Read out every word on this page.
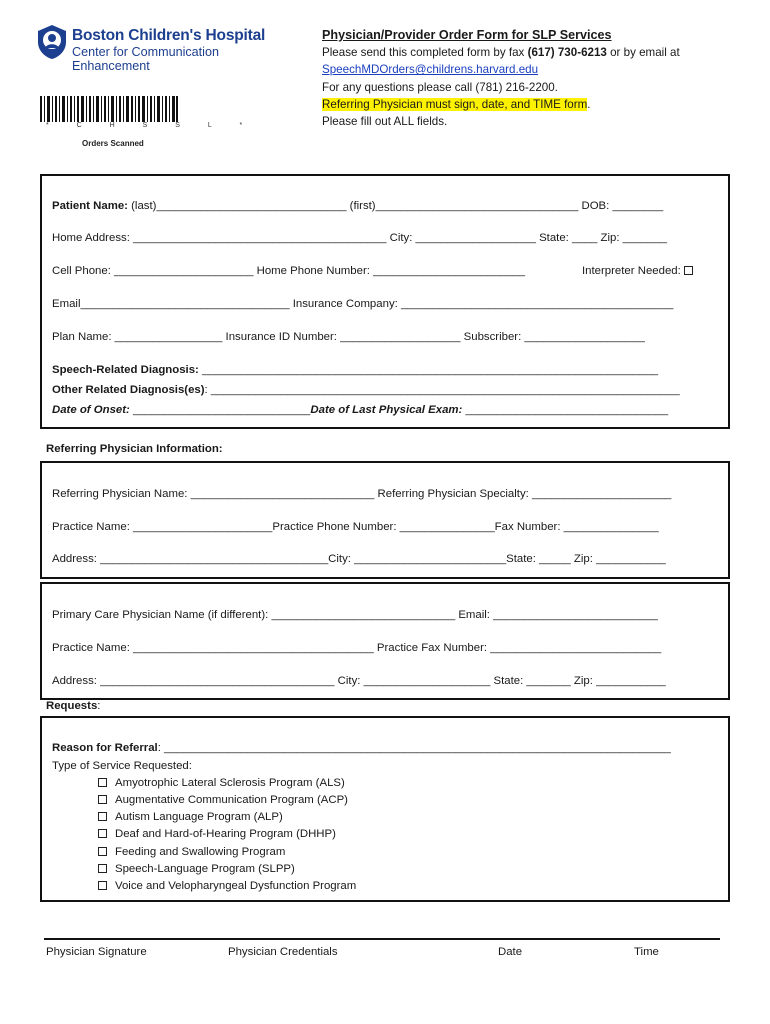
Boston Children's Hospital
Center for Communication
Enhancement
* C H S S L *
Orders Scanned
Physician/Provider Order Form for SLP Services
Please send this completed form by fax (617) 730-6213 or by email at
SpeechMDOrders@childrens.harvard.edu
For any questions please call (781) 216-2200.
Referring Physician must sign, date, and TIME form.
Please fill out ALL fields.
Patient Name: (last)______________________________ (first)________________________________ DOB: ________
Home Address: ________________________________________ City: ___________________ State: ____ Zip: _______
Cell Phone: ______________________ Home Phone Number: ________________________	Interpreter Needed:
Email_________________________________ Insurance Company: ___________________________________________
Plan Name: _________________ Insurance ID Number: ___________________ Subscriber: ___________________
Speech-Related Diagnosis: ________________________________________________________________________
Other Related Diagnosis(es): __________________________________________________________________________
Date of Onset: ____________________________Date of Last Physical Exam: ________________________________
Referring Physician Information:
Referring Physician Name: _____________________________ Referring Physician Specialty: ______________________
Practice Name: ______________________Practice Phone Number: _______________Fax Number: _______________
Address: ____________________________________City: ________________________State: _____ Zip: ___________
Primary Care Physician Name (if different): _____________________________ Email: __________________________
Practice Name: ______________________________________ Practice Fax Number: ___________________________
Address: _____________________________________ City: ____________________ State: _______ Zip: ___________
Requests:
Reason for Referral: ________________________________________________________________________________
Type of Service Requested:
Amyotrophic Lateral Sclerosis Program (ALS)
Augmentative Communication Program (ACP)
Autism Language Program (ALP)
Deaf and Hard-of-Hearing Program (DHHP)
Feeding and Swallowing Program
Speech-Language Program (SLPP)
Voice and Velopharyngeal Dysfunction Program
Physician Signature	Physician Credentials	Date	Time
